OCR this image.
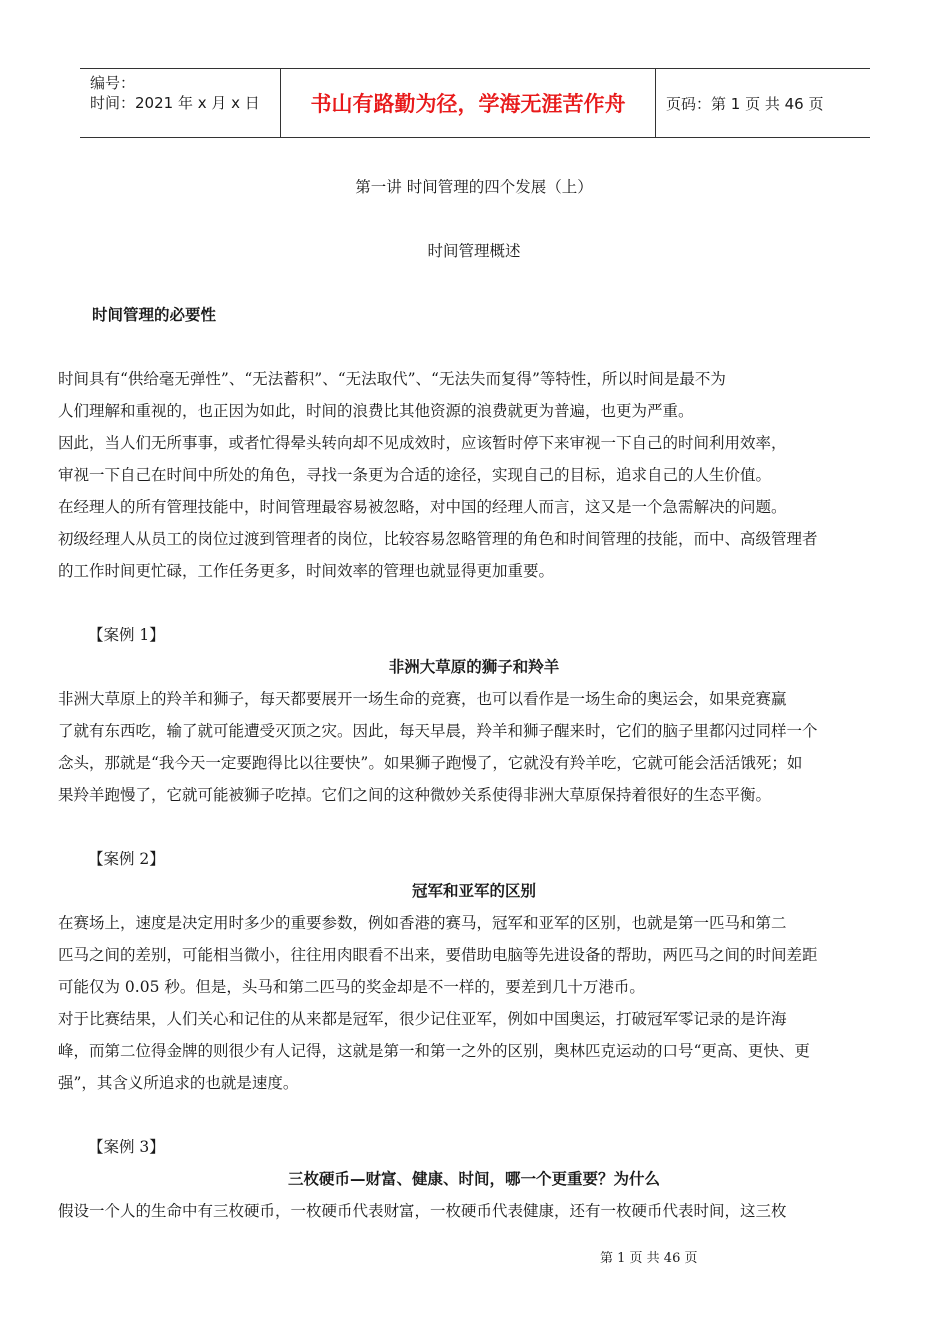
编号：
时间：2021 年 x 月 x 日	书山有路勤为径，学海无涯苦作舟	页码：第 1 页 共 46 页
第一讲 时间管理的四个发展（上）
时间管理概述
时间管理的必要性
时间具有“供给毫无弹性”、“无法蓄积”、“无法取代”、“无法失而复得”等特性，所以时间是最不为
人们理解和重视的，也正因为如此，时间的浪费比其他资源的浪费就更为普遍，也更为严重。
因此，当人们无所事事，或者忙得晕头转向却不见成效时，应该暂时停下来审视一下自己的时间利用效率，
审视一下自己在时间中所处的角色，寻找一条更为合适的途径，实现自己的目标，追求自己的人生价值。
在经理人的所有管理技能中，时间管理最容易被忽略，对中国的经理人而言，这又是一个急需解决的问题。
初级经理人从员工的岗位过渡到管理者的岗位，比较容易忽略管理的角色和时间管理的技能，而中、高级管理者
的工作时间更忙碌，工作任务更多，时间效率的管理也就显得更加重要。
【案例 1】
非洲大草原的狮子和羚羊
非洲大草原上的羚羊和狮子，每天都要展开一场生命的竞赛，也可以看作是一场生命的奥运会，如果竞赛赢
了就有东西吃，输了就可能遭受灭顶之灾。因此，每天早晨，羚羊和狮子醒来时，它们的脑子里都闪过同样一个
念头，那就是“我今天一定要跑得比以往要快”。如果狮子跑慢了，它就没有羚羊吃，它就可能会活活饿死；如
果羚羊跑慢了，它就可能被狮子吃掉。它们之间的这种微妙关系使得非洲大草原保持着很好的生态平衡。
【案例 2】
冠军和亚军的区别
在赛场上，速度是决定用时多少的重要参数，例如香港的赛马，冠军和亚军的区别，也就是第一匹马和第二
匹马之间的差别，可能相当微小，往往用肉眼看不出来，要借助电脑等先进设备的帮助，两匹马之间的时间差距
可能仅为 0.05 秒。但是，头马和第二匹马的奖金却是不一样的，要差到几十万港币。
对于比赛结果，人们关心和记住的从来都是冠军，很少记住亚军，例如中国奥运，打破冠军零记录的是许海
峰，而第二位得金牌的则很少有人记得，这就是第一和第一之外的区别，奥林匹克运动的口号“更高、更快、更
强”，其含义所追求的也就是速度。
【案例 3】
三枚硬币—财富、健康、时间，哪一个更重要？为什么
假设一个人的生命中有三枚硬币，一枚硬币代表财富，一枚硬币代表健康，还有一枚硬币代表时间，这三枚
第 1 页 共 46 页
